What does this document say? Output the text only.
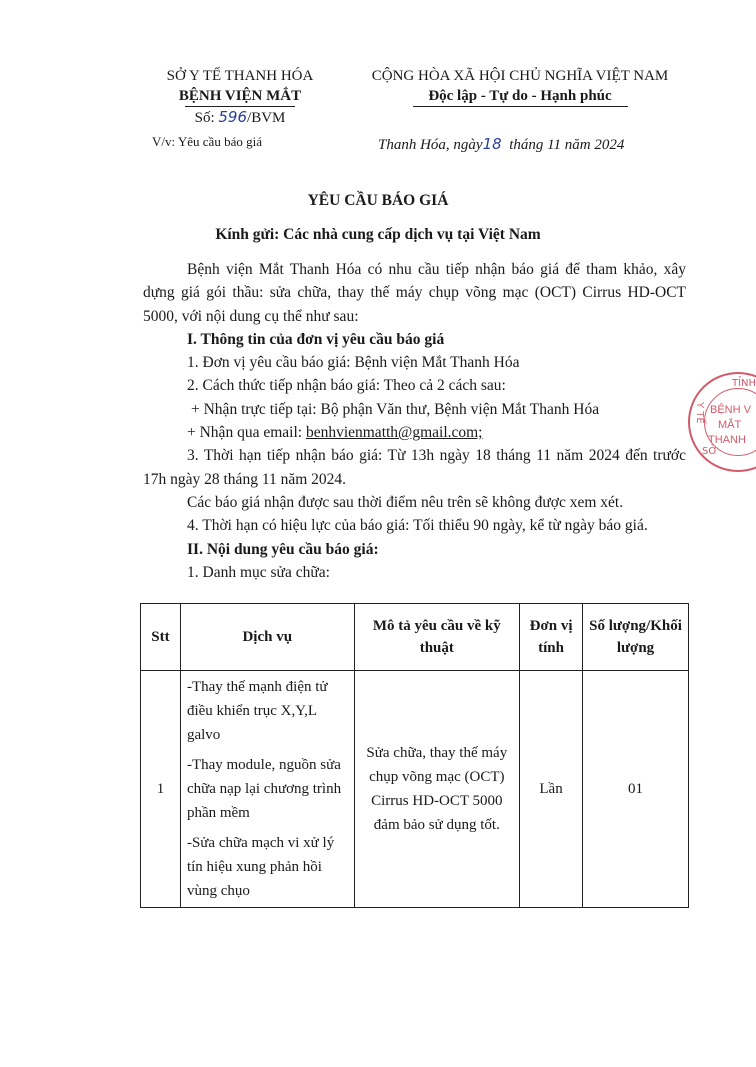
SỞ Y TẾ THANH HÓA
BỆNH VIỆN MẮT
Số: 596/BVM
V/v: Yêu cầu báo giá
CỘNG HÒA XÃ HỘI CHỦ NGHĨA VIỆT NAM
Độc lập - Tự do - Hạnh phúc
Thanh Hóa, ngày18 tháng 11 năm 2024
YÊU CẦU BÁO GIÁ
Kính gửi: Các nhà cung cấp dịch vụ tại Việt Nam

Bệnh viện Mắt Thanh Hóa có nhu cầu tiếp nhận báo giá để tham khảo, xây dựng giá gói thầu: sửa chữa, thay thế máy chụp võng mạc (OCT) Cirrus HD-OCT 5000, với nội dung cụ thể như sau:

I. Thông tin của đơn vị yêu cầu báo giá

1. Đơn vị yêu cầu báo giá: Bệnh viện Mắt Thanh Hóa

2. Cách thức tiếp nhận báo giá: Theo cả 2 cách sau:

+ Nhận trực tiếp tại: Bộ phận Văn thư, Bệnh viện Mắt Thanh Hóa

+ Nhận qua email: benhvienmatth@gmail.com;

3. Thời hạn tiếp nhận báo giá: Từ 13h ngày 18 tháng 11 năm 2024 đến trước 17h ngày 28 tháng 11 năm 2024.

Các báo giá nhận được sau thời điểm nêu trên sẽ không được xem xét.

4. Thời hạn có hiệu lực của báo giá: Tối thiểu 90 ngày, kể từ ngày báo giá.

II. Nội dung yêu cầu báo giá:

1. Danh mục sửa chữa:

Stt	Dịch vụ	Mô tả yêu cầu về kỹ thuật	Đơn vị tính	Số lượng/Khối lượng
1	-Thay thế mạnh điện tử điều khiển trục X,Y,L galvo

-Thay module, nguồn sửa chữa nạp lại chương trình phần mềm

-Sửa chữa mạch vi xử lý tín hiệu xung phản hồi vùng chụo	Sửa chữa, thay thế máy chụp võng mạc (OCT) Cirrus HD-OCT 5000 đảm bảo sử dụng tốt.	Lần	01
TỈNH
Y TẾ BỆNH V
MẮT
THANH
SỞ
